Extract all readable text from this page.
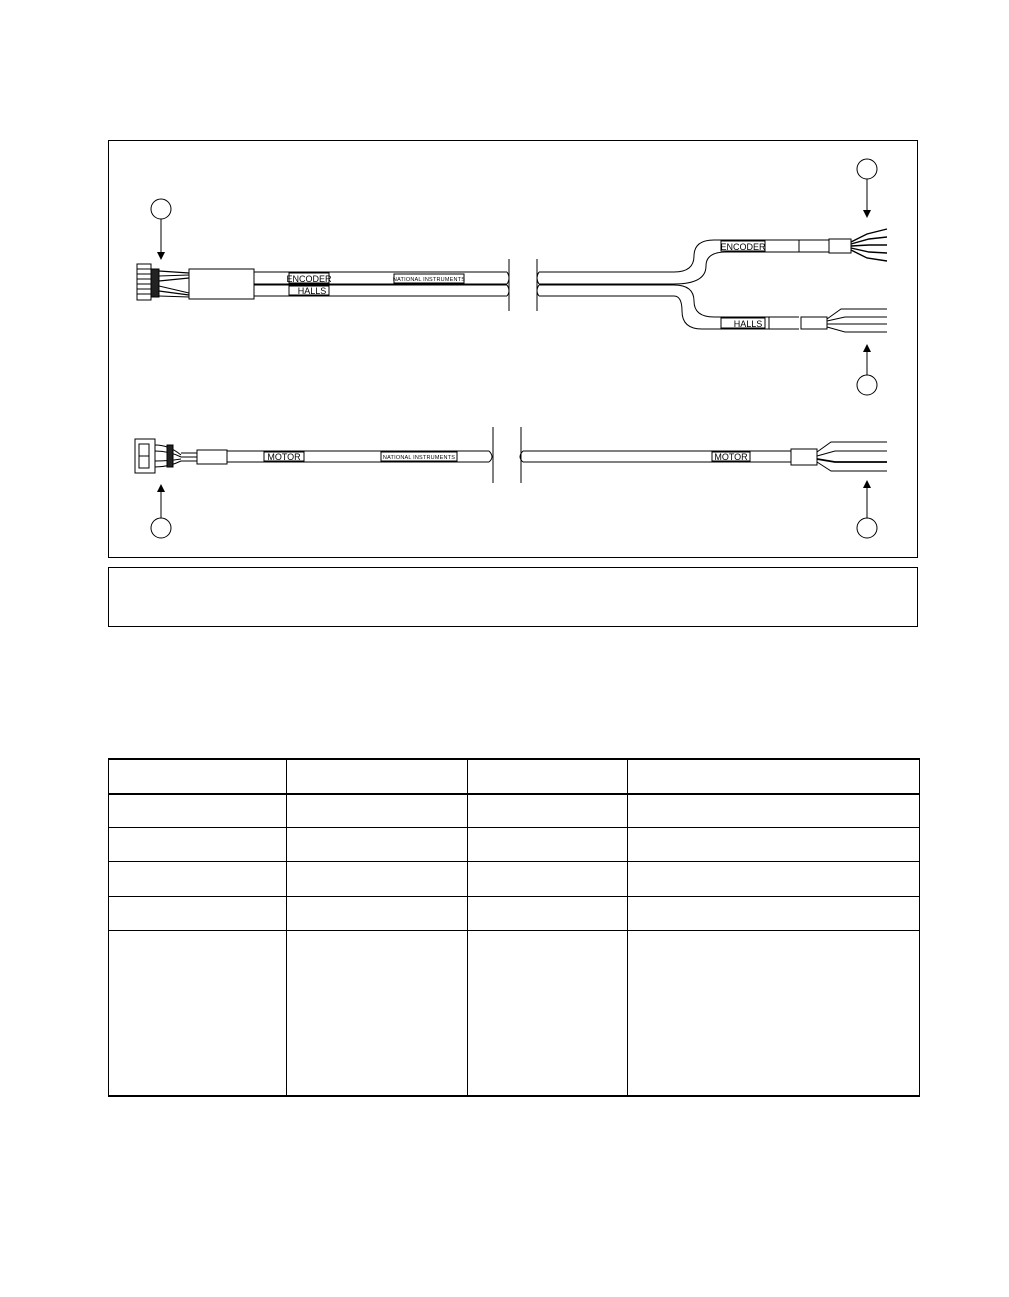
ENCODER
HALLS
NATIONAL INSTRUMENTS
ENCODER
HALLS
MOTOR	NATIONAL INSTRUMENTS	MOTOR
